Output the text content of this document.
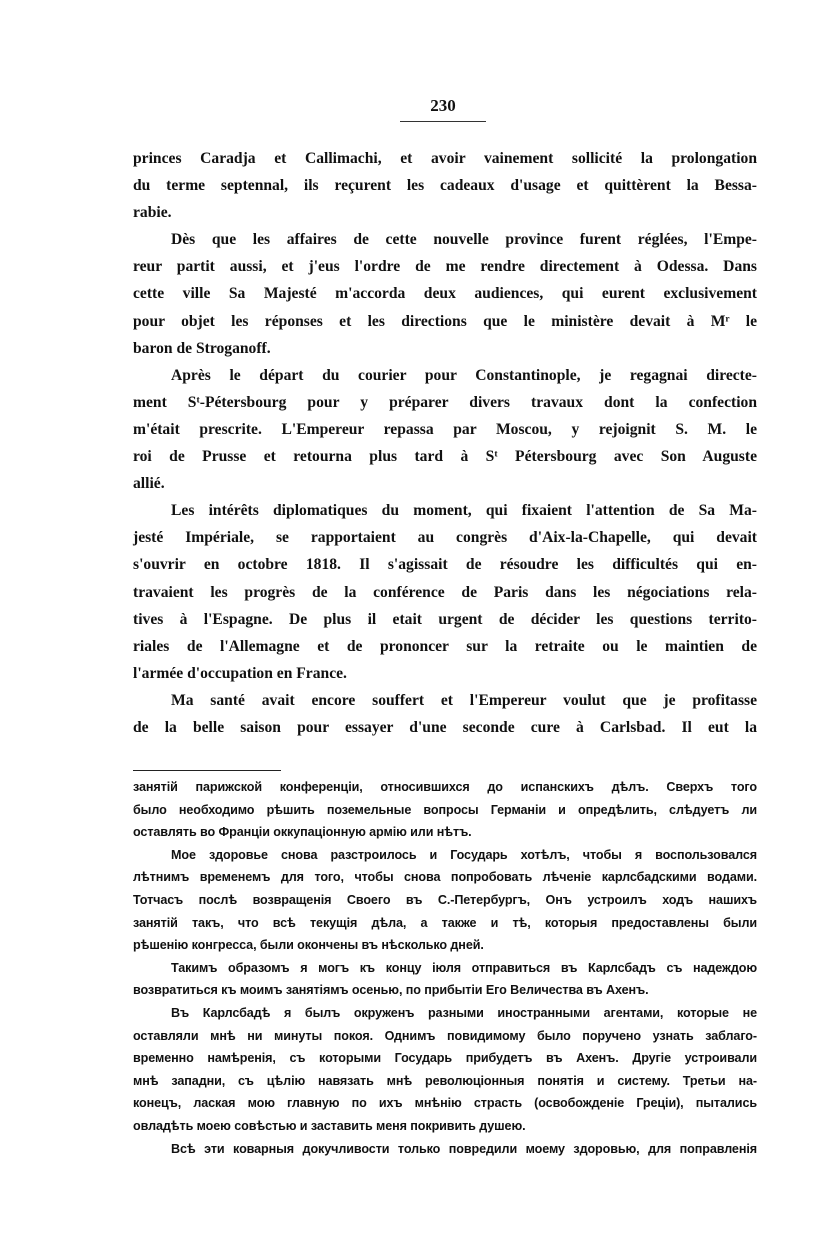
230
princes Caradja et Callimachi, et avoir vainement sollicité la prolongation
du terme septennal, ils reçurent les cadeaux d'usage et quittèrent la Bessa-
rabie.
Dès que les affaires de cette nouvelle province furent réglées, l'Empe-
reur partit aussi, et j'eus l'ordre de me rendre directement à Odessa. Dans
cette ville Sa Majesté m'accorda deux audiences, qui eurent exclusivement
pour objet les réponses et les directions que le ministère devait à Mʳ le
baron de Stroganoff.
Après le départ du courier pour Constantinople, je regagnai directe-
ment Sᵗ-Pétersbourg pour y préparer divers travaux dont la confection
m'était prescrite. L'Empereur repassa par Moscou, y rejoignit S. M. le
roi de Prusse et retourna plus tard à Sᵗ Pétersbourg avec Son Auguste
allié.
Les intérêts diplomatiques du moment, qui fixaient l'attention de Sa Ma-
jesté Impériale, se rapportaient au congrès d'Aix-la-Chapelle, qui devait
s'ouvrir en octobre 1818. Il s'agissait de résoudre les difficultés qui en-
travaient les progrès de la conférence de Paris dans les négociations rela-
tives à l'Espagne. De plus il etait urgent de décider les questions territo-
riales de l'Allemagne et de prononcer sur la retraite ou le maintien de
l'armée d'occupation en France.
Ma santé avait encore souffert et l'Empereur voulut que je profitasse
de la belle saison pour essayer d'une seconde cure à Carlsbad. Il eut la
занятій парижской конференціи, относившихся до испанскихъ дѣлъ. Сверхъ того
было необходимо рѣшить поземельные вопросы Германіи и опредѣлить, слѣдуетъ ли
оставлять во Франціи оккупаціонную армію или нѣтъ.
Мое здоровье снова разстроилось и Государь хотѣлъ, чтобы я воспользовался
лѣтнимъ временемъ для того, чтобы снова попробовать лѣченіе карлсбадскими водами.
Тотчасъ послѣ возвращенія Своего въ С.-Петербургъ, Онъ устроилъ ходъ нашихъ
занятій такъ, что всѣ текущія дѣла, а также и тѣ, которыя предоставлены были
рѣшенію конгресса, были окончены въ нѣсколько дней.
Такимъ образомъ я могъ къ концу іюля отправиться въ Карлсбадъ съ надеждою
возвратиться къ моимъ занятіямъ осенью, по прибытіи Его Величества въ Ахенъ.
Въ Карлсбадѣ я былъ окруженъ разными иностранными агентами, которые не
оставляли мнѣ ни минуты покоя. Однимъ повидимому было поручено узнать заблаго-
временно намѣренія, съ которыми Государь прибудетъ въ Ахенъ. Другіе устроивали
мнѣ западни, съ цѣлію навязать мнѣ революціонныя понятія и систему. Третьи на-
конецъ, лаская мою главную по ихъ мнѣнію страсть (освобожденіе Греціи), пытались
овладѣть моею совѣстью и заставить меня покривить душею.
Всѣ эти коварныя докучливости только повредили моему здоровью, для поправленія
